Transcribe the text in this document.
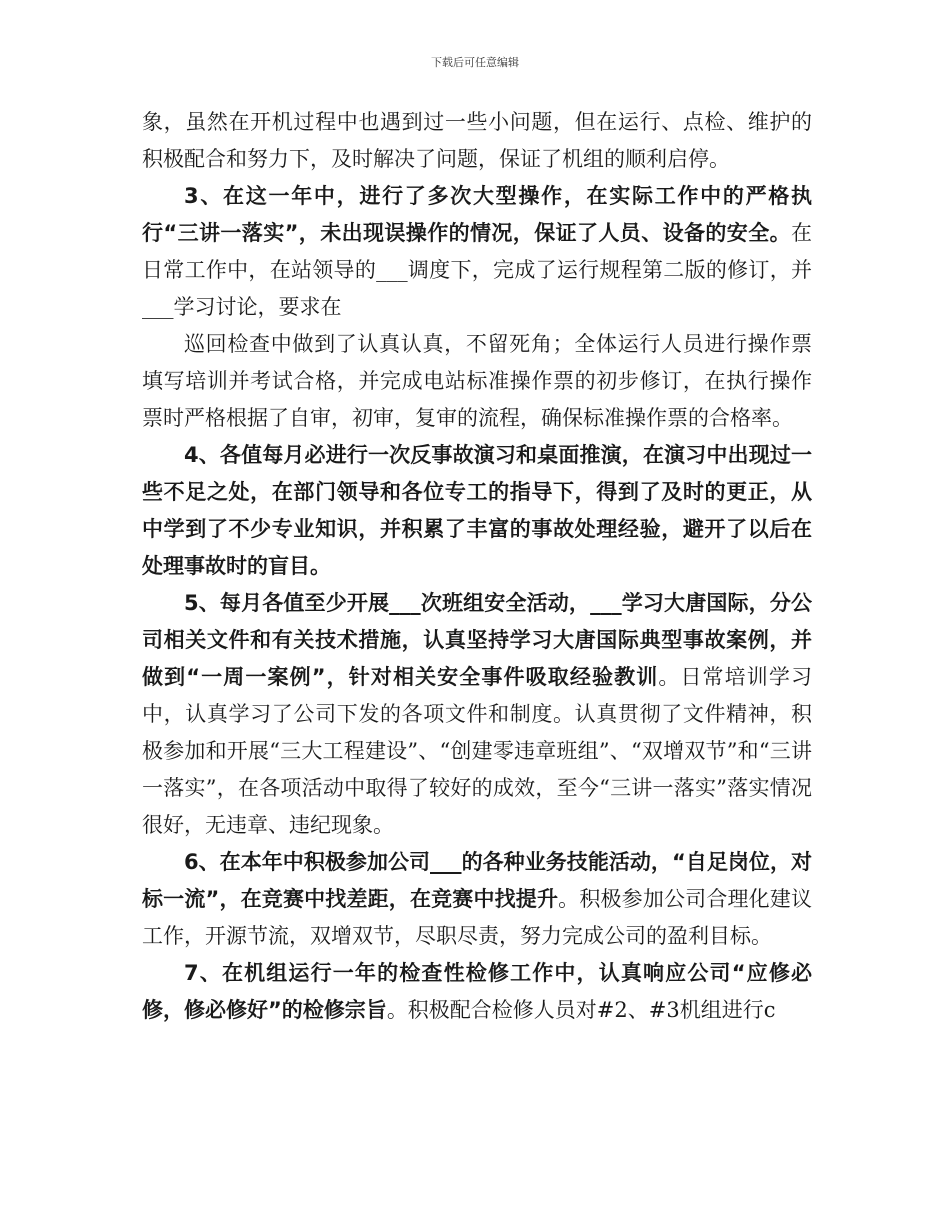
下载后可任意编辑

象，虽然在开机过程中也遇到过一些小问题，但在运行、点检、维护的积极配合和努力下，及时解决了问题，保证了机组的顺利启停。

3、在这一年中，进行了多次大型操作，在实际工作中的严格执行“三讲一落实”，未出现误操作的情况，保证了人员、设备的安全。在日常工作中，在站领导的___调度下，完成了运行规程第二版的修订，并___学习讨论，要求在

巡回检查中做到了认真认真，不留死角；全体运行人员进行操作票填写培训并考试合格，并完成电站标准操作票的初步修订，在执行操作票时严格根据了自审，初审，复审的流程，确保标准操作票的合格率。

4、各值每月必进行一次反事故演习和桌面推演，在演习中出现过一些不足之处，在部门领导和各位专工的指导下，得到了及时的更正，从中学到了不少专业知识，并积累了丰富的事故处理经验，避开了以后在处理事故时的盲目。

5、每月各值至少开展___次班组安全活动，___学习大唐国际，分公司相关文件和有关技术措施，认真坚持学习大唐国际典型事故案例，并做到“一周一案例”，针对相关安全事件吸取经验教训。日常培训学习中，认真学习了公司下发的各项文件和制度。认真贯彻了文件精神，积极参加和开展“三大工程建设”、“创建零违章班组”、“双增双节”和“三讲一落实”，在各项活动中取得了较好的成效，至今“三讲一落实”落实情况很好，无违章、违纪现象。

6、在本年中积极参加公司___的各种业务技能活动，“自足岗位，对标一流”，在竞赛中找差距，在竞赛中找提升。积极参加公司合理化建议工作，开源节流，双增双节，尽职尽责，努力完成公司的盈利目标。

7、在机组运行一年的检查性检修工作中，认真响应公司“应修必修，修必修好”的检修宗旨。积极配合检修人员对#2、#3机组进行c
